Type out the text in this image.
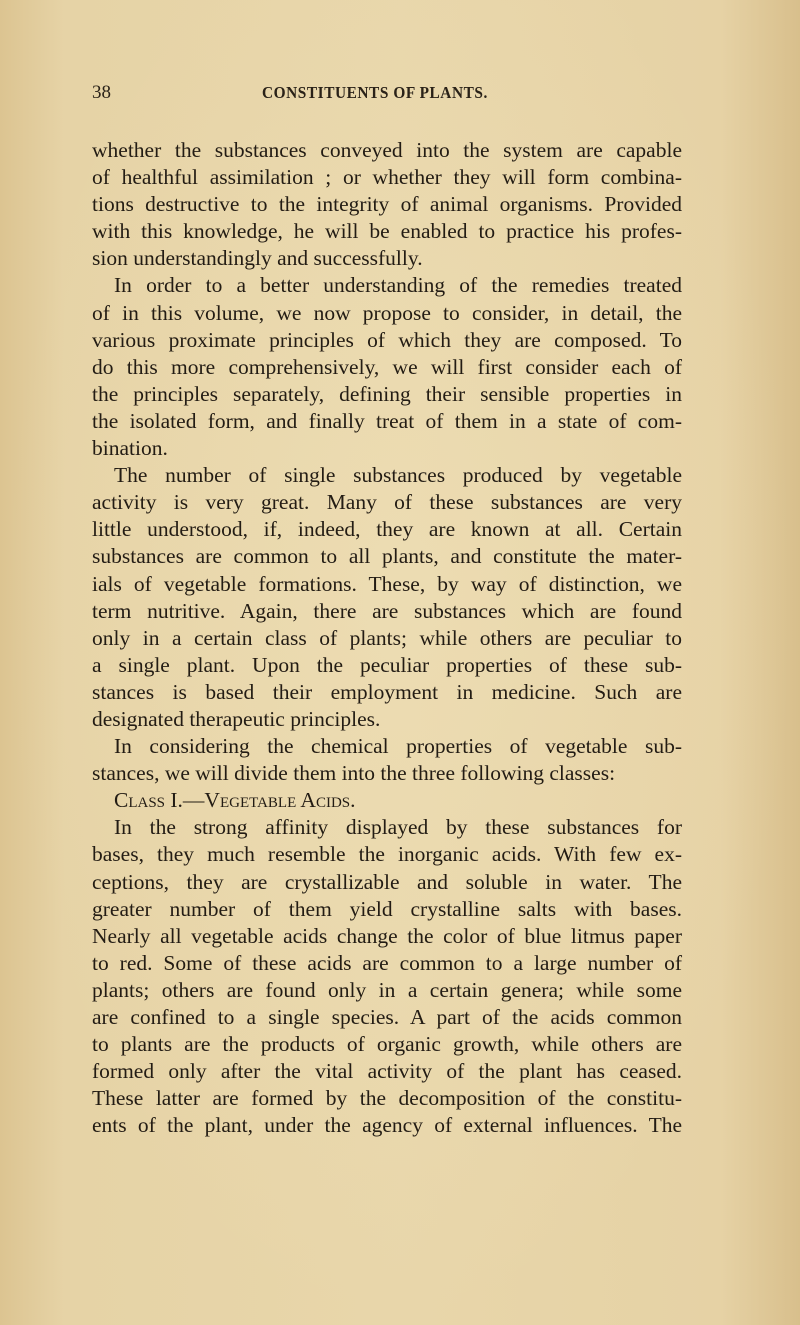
38	CONSTITUENTS OF PLANTS.
whether the substances conveyed into the system are capable
of healthful assimilation ; or whether they will form combina-
tions destructive to the integrity of animal organisms. Provided
with this knowledge, he will be enabled to practice his profes-
sion understandingly and successfully.
In order to a better understanding of the remedies treated
of in this volume, we now propose to consider, in detail, the
various proximate principles of which they are composed. To
do this more comprehensively, we will first consider each of
the principles separately, defining their sensible properties in
the isolated form, and finally treat of them in a state of com-
bination.
The number of single substances produced by vegetable
activity is very great. Many of these substances are very
little understood, if, indeed, they are known at all. Certain
substances are common to all plants, and constitute the mater-
ials of vegetable formations. These, by way of distinction, we
term nutritive. Again, there are substances which are found
only in a certain class of plants; while others are peculiar to
a single plant. Upon the peculiar properties of these sub-
stances is based their employment in medicine. Such are
designated therapeutic principles.
In considering the chemical properties of vegetable sub-
stances, we will divide them into the three following classes:
Class I.—Vegetable Acids.
In the strong affinity displayed by these substances for
bases, they much resemble the inorganic acids. With few ex-
ceptions, they are crystallizable and soluble in water. The
greater number of them yield crystalline salts with bases.
Nearly all vegetable acids change the color of blue litmus paper
to red. Some of these acids are common to a large number of
plants; others are found only in a certain genera; while some
are confined to a single species. A part of the acids common
to plants are the products of organic growth, while others are
formed only after the vital activity of the plant has ceased.
These latter are formed by the decomposition of the constitu-
ents of the plant, under the agency of external influences. The
